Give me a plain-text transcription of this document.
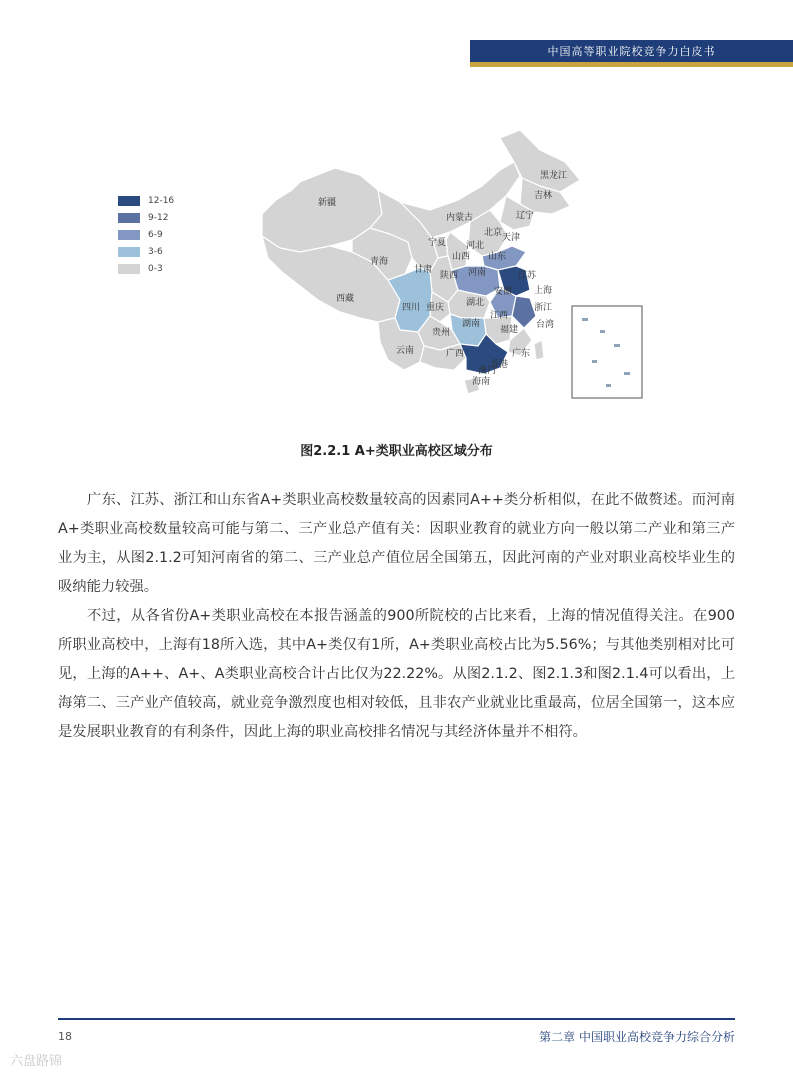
中国高等职业院校竞争力白皮书
12-16
9-12
6-9
3-6
0-3
新疆
西藏
青海
甘肃
宁夏
内蒙古
黑龙江
吉林
辽宁
北京 天津
河北
山西
陕西
山东
河南	江苏
上海
安徽
湖北
四川 重庆	浙江
江西
湖南	台湾
贵州	福建
云南	广西	广东
香港
澳门
海南
图2.2.1 A+类职业高校区域分布

广东、江苏、浙江和山东省A+类职业高校数量较高的因素同A++类分析相似，在此不做赘述。而河南A+类职业高校数量较高可能与第二、三产业总产值有关：因职业教育的就业方向一般以第二产业和第三产业为主，从图2.1.2可知河南省的第二、三产业总产值位居全国第五，因此河南的产业对职业高校毕业生的吸纳能力较强。

不过，从各省份A+类职业高校在本报告涵盖的900所院校的占比来看，上海的情况值得关注。在900所职业高校中，上海有18所入选，其中A+类仅有1所，A+类职业高校占比为5.56%；与其他类别相对比可见，上海的A++、A+、A类职业高校合计占比仅为22.22%。从图2.1.2、图2.1.3和图2.1.4可以看出，上海第二、三产业产值较高，就业竞争激烈度也相对较低，且非农产业就业比重最高，位居全国第一，这本应是发展职业教育的有利条件，因此上海的职业高校排名情况与其经济体量并不相符。

18	第二章 中国职业高校竞争力综合分析
六盘路锦
